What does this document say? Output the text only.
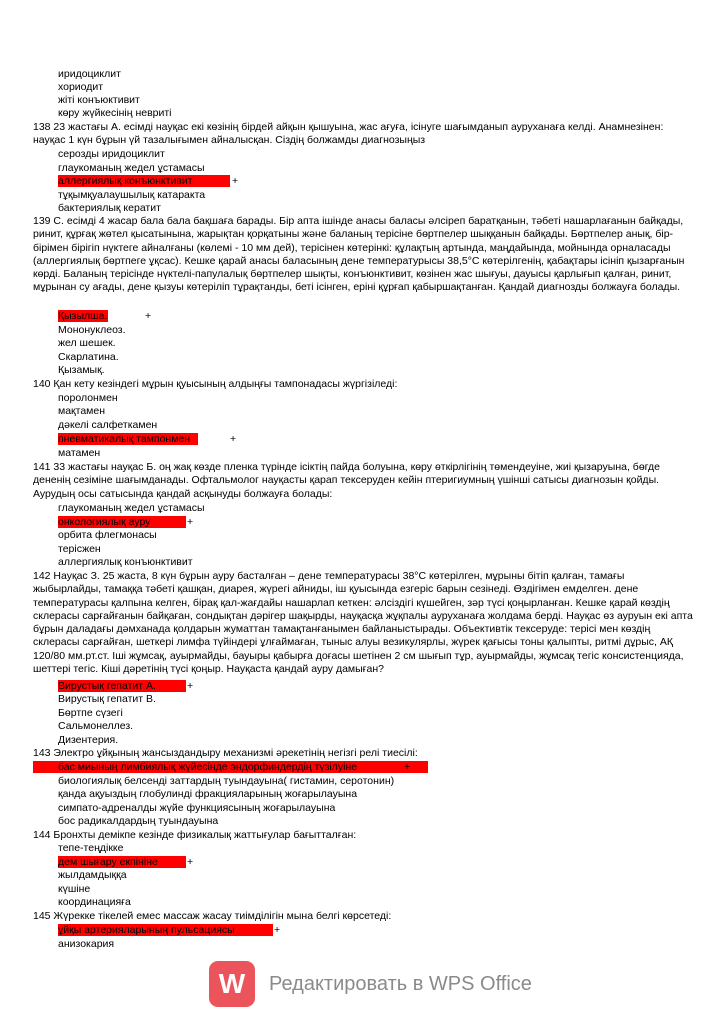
иридоциклит
хориодит
жіті конъюктивит
көру жүйкесінің невриті
138 23 жастағы А. есімді науқас екі көзінің бірдей айқын қышуына, жас ағуға, ісінуге шағымданып ауруханаға келді. Анамнезінен: науқас 1 күн бұрын үй тазалығымен айналысқан. Сіздің болжамды диагнозыңыз
серозды иридоциклит
глаукоманың жедел ұстамасы
аллергиялық конъюнктивит	+
тұқымқуалаушылық катаракта
бактериялық кератит
139 С. есімді 4 жасар бала бала бақшаға барады. Бір апта ішінде анасы баласы әлсіреп баратқанын, тәбеті нашарлағанын байқады, ринит, құрғақ жөтел қысатынына, жарықтан қорқатыны және баланың терісіне бөртпелер шыққанын байқады. Бөртпелер анық, бір-бірімен бірігіп нүктеге айналғаны (көлемі - 10 мм дей), терісінен көтерінкі: құлақтың артында, маңдайында, мойнында орналасады (аллергиялық бөртпеге ұқсас). Кешке қарай анасы баласының дене температурысы 38,5°С көтерілгенің, қабақтары ісініп қызарғанын көрді. Баланың терісінде нүктелі-папулалық бөртпелер шықты, конъюнктивит, көзінен жас шығуы, дауысы қарлығып қалған, ринит, мұрынан су ағады, дене қызуы көтеріліп тұрақтанды, беті ісінген, еріні құрғап қабыршақтанған. Қандай диагнозды болжауға болады.
Қызылша.	+
Мононуклеоз.
жел шешек.
Скарлатина.
Қызамық.
140 Қан кету кезіндегі мұрын қуысының алдыңғы тампонадасы жүргізіледі:
поролонмен
мақтамен
дәкелі салфеткамен
пневматикалық тампонмен	+
матамен
141 33 жастағы науқас Б. оң жақ көзде пленка түрінде ісіктің пайда болуына, көру өткірлігінің төмендеуіне, жиі қызаруына, бөгде дененің сезіміне шағымданады. Офтальмолог науқасты қарап тексеруден кейін птеригиумның үшінші сатысы диагнозын қойды. Аурудың осы сатысында қандай асқынуды болжауға болады:
глаукоманың жедел ұстамасы
онкологиялық ауру	+
орбита флегмонасы
терісжен
аллергиялық конъюнктивит
142 Науқас З. 25 жаста, 8 күн бұрын ауру басталған – дене температурасы 38°С көтерілген, мұрыны бітіп қалған, тамағы жыбырлайды, тамаққа тәбеті қашқан, диарея, жүрегі айниды, іш қуысында езгеріс барын сезінеді. Өздігімен емделген. дене температурасы қалпына келген, бірақ қал-жағдайы нашарлап кеткен: әлсіздігі күшейген, зәр түсі қоңырланған. Кешке қарай көздің склерасы сарғайғанын байқаған, сондықтан дәрігер шақырды, науқасқа жұқпалы ауруханаға жолдама берді. Науқас өз ауруын екі апта бұрын даладағы дәмханада қолдарын жуматтан тамақтанғанымен байланыстырады. Объективтік тексеруде: терісі мен көздің склерасы сарғайған, шеткері лимфа түйіндері ұлғаймаған, тыныс алуы везикулярлы, жүрек қағысы тоны қалыпты, ритмі дұрыс, АҚ 120/80 мм.рт.ст. Іші жұмсақ, ауырмайды, бауыры қабырға доғасы шетінен 2 см шығып тұр, ауырмайды, жұмсақ тегіс консистенцияда, шеттері тегіс. Кіші дәретінің түсі қоңыр. Науқаста қандай ауру дамыған?
Вирустық гепатит А.	+
Вирустық гепатит В.
Бөртпе сүзегі
Сальмонеллез.
Дизентерия.
143 Электро ұйқының жансыздандыру механизмі әрекетінің негізгі релі тиесілі:
бас миының лимбиялық жүйесінде эндорфиндердің түзілуіне	+
биологиялық белсенді заттардың туындауына( гистамин, серотонин)
қанда ақуыздың глобулинді фракцияларының жоғарылауына
симпато-адреналды жүйе функциясының жоғарылауына
бос радикалдардың туындауына
144 Бронхты демікпе кезінде физикалық жаттығулар бағытталған:
тепе-теңдікке
дем шығару екпініне	+
жылдамдыққа
күшіне
координацияға
145 Жүрекке тікелей емес массаж жасау тиімділігін мына белгі көрсетеді:
ұйқы артерияларының пульсациясы	+
анизокария
W	Редактировать в WPS Office
